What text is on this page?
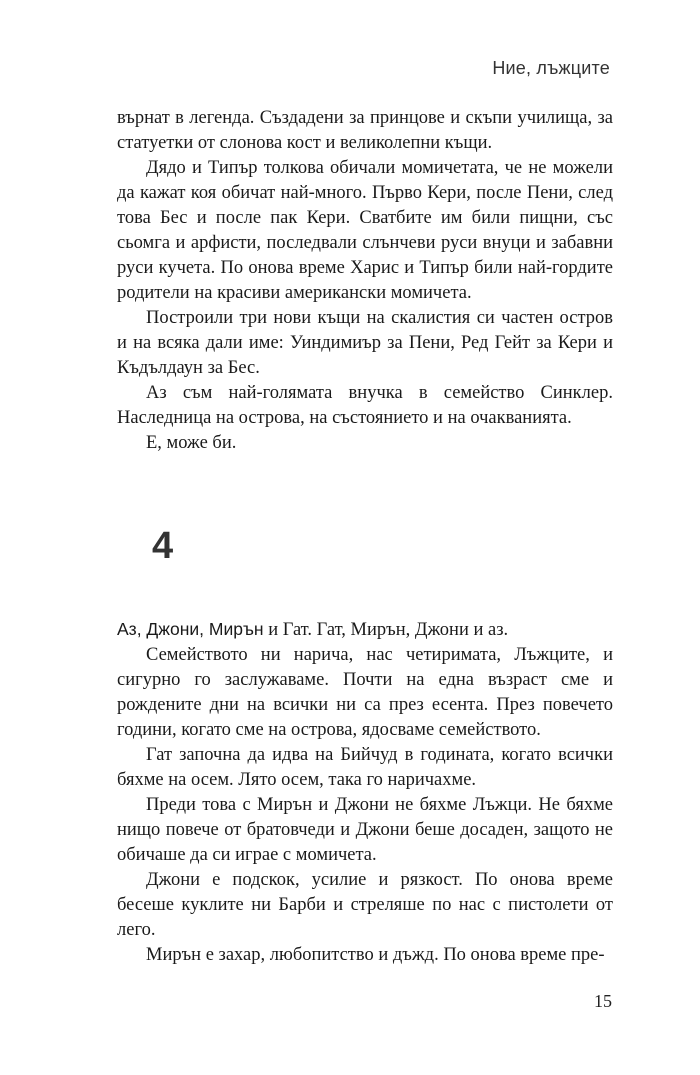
Ние, лъжците

върнат в легенда. Създадени за принцове и скъпи училища, за статуетки от слонова кост и великолепни къщи.

Дядо и Типър толкова обичали момичетата, че не можели да кажат коя обичат най-много. Първо Кери, после Пени, след това Бес и после пак Кери. Сватбите им били пищни, със сьомга и арфисти, последвали слънчеви руси внуци и забавни руси кучета. По онова време Харис и Типър били най-гордите родители на красиви американски момичета.

Построили три нови къщи на скалистия си частен остров и на всяка дали име: Уиндимиър за Пени, Ред Гейт за Кери и Къдълдаун за Бес.

Аз съм най-голямата внучка в семейство Синклер. Наследница на острова, на състоянието и на очакванията.

Е, може би.

4

Аз, Джони, Мирън и Гат. Гат, Мирън, Джони и аз.

Семейството ни нарича, нас четиримата, Лъжците, и сигурно го заслужаваме. Почти на една възраст сме и рождените дни на всички ни са през есента. През повечето години, когато сме на острова, ядосваме семейството.

Гат започна да идва на Бийчуд в годината, когато всички бяхме на осем. Лято осем, така го наричахме.

Преди това с Мирън и Джони не бяхме Лъжци. Не бяхме нищо повече от братовчеди и Джони беше досаден, защото не обичаше да си играе с момичета.

Джони е подскок, усилие и рязкост. По онова време бесеше куклите ни Барби и стреляше по нас с пистолети от лего.

Мирън е захар, любопитство и дъжд. По онова време пре-

15
